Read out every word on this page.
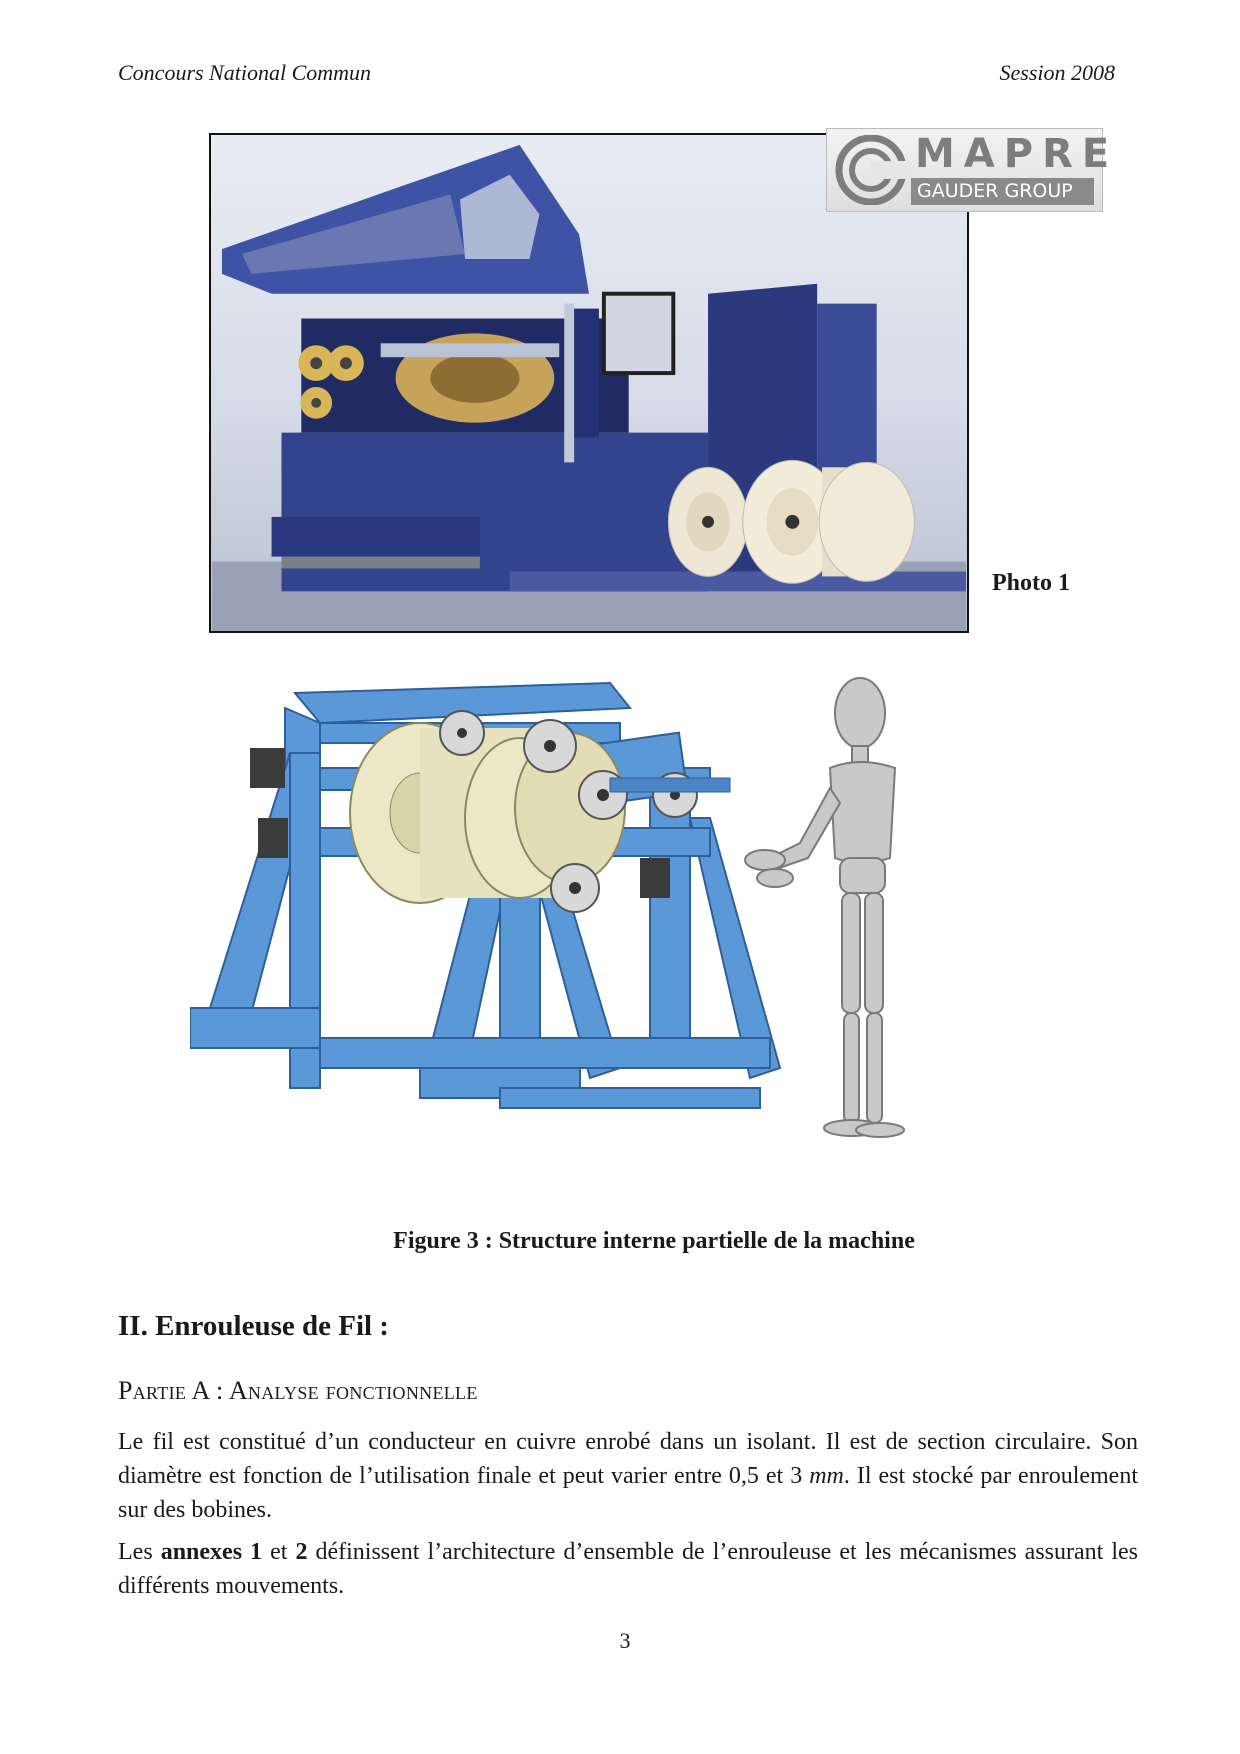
Concours National Commun	Session 2008
MAPRE
GAUDER GROUP
Photo 1
Figure 3 : Structure interne partielle de la machine
II. Enrouleuse de Fil :
Partie A : Analyse fonctionnelle
Le fil est constitué d’un conducteur en cuivre enrobé dans un isolant. Il est de section circulaire. Son diamètre est fonction de l’utilisation finale et peut varier entre 0,5 et 3 mm. Il est stocké par enroulement sur des bobines.
Les annexes 1 et 2 définissent l’architecture d’ensemble de l’enrouleuse et les mécanismes assurant les différents mouvements.
3
